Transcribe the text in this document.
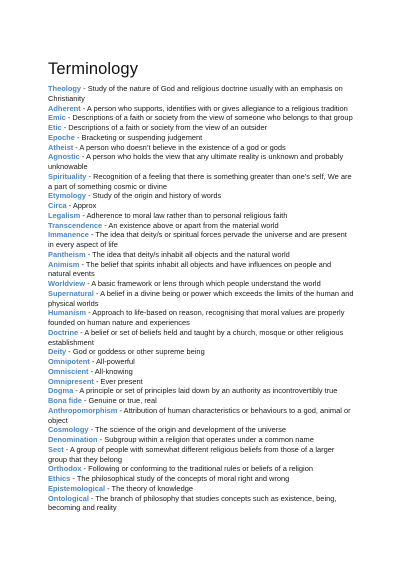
Terminology
Theology - Study of the nature of God and religious doctrine usually with an emphasis on Christianity
Adherent - A person who supports, identifies with or gives allegiance to a religious tradition
Emic - Descriptions of a faith or society from the view of someone who belongs to that group
Etic - Descriptions of a faith or society from the view of an outsider
Epoche - Bracketing or suspending judgement
Atheist - A person who doesn’t believe in the existence of a god or gods
Agnostic - A person who holds the view that any ultimate reality is unknown and probably unknowable
Spirituality - Recognition of a feeling that there is something greater than one’s self, We are a part of something cosmic or divine
Etymology - Study of the origin and history of words
Circa - Approx
Legalism - Adherence to moral law rather than to personal religious faith
Transcendence - An existence above or apart from the material world
Immanence - The idea that deity/s or spiritual forces pervade the universe and are present in every aspect of life
Pantheism - The idea that deity/s inhabit all objects and the natural world
Animism - The belief that spirits inhabit all objects and have influences on people and natural events
Worldview - A basic framework or lens through which people understand the world
Supernatural - A belief in a divine being or power which exceeds the limits of the human and physical worlds
Humanism - Approach to life-based on reason, recognising that moral values are properly founded on human nature and experiences
Doctrine - A belief or set of beliefs held and taught by a church, mosque or other religious establishment
Deity - God or goddess or other supreme being
Omnipotent - All-powerful
Omniscient - All-knowing
Omnipresent - Ever present
Dogma - A principle or set of principles laid down by an authority as incontrovertibly true
Bona fide - Genuine or true, real
Anthropomorphism - Attribution of human characteristics or behaviours to a god, animal or object
Cosmology - The science of the origin and development of the universe
Denomination - Subgroup within a religion that operates under a common name
Sect - A group of people with somewhat different religious beliefs from those of a larger group that they belong
Orthodox - Following or conforming to the traditional rules or beliefs of a religion
Ethics - The philosophical study of the concepts of moral right and wrong
Epistemological - The theory of knowledge
Ontological - The branch of philosophy that studies concepts such as existence, being, becoming and reality
